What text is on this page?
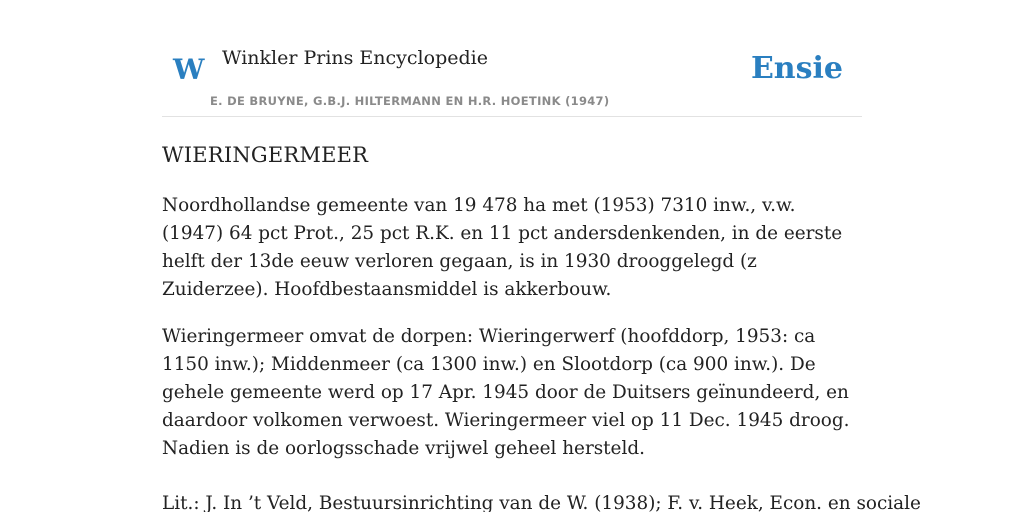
W Winkler Prins Encyclopedie
E. DE BRUYNE, G.B.J. HILTERMANN EN H.R. HOETINK (1947)
Ensie
WIERINGERMEER

Noordhollandse gemeente van 19 478 ha met (1953) 7310 inw., v.w. (1947) 64 pct Prot., 25 pct R.K. en 11 pct andersdenkenden, in de eerste helft der 13de eeuw verloren gegaan, is in 1930 drooggelegd (z Zuiderzee). Hoofdbestaansmiddel is akkerbouw.

Wieringermeer omvat de dorpen: Wieringerwerf (hoofddorp, 1953: ca 1150 inw.); Middenmeer (ca 1300 inw.) en Slootdorp (ca 900 inw.). De gehele gemeente werd op 17 Apr. 1945 door de Duitsers geïnundeerd, en daardoor volkomen verwoest. Wieringermeer viel op 11 Dec. 1945 droog. Nadien is de oorlogsschade vrijwel geheel hersteld.

Lit.: J. In ’t Veld, Bestuursinrichting van de W. (1938); F. v. Heek, Econ. en sociale
